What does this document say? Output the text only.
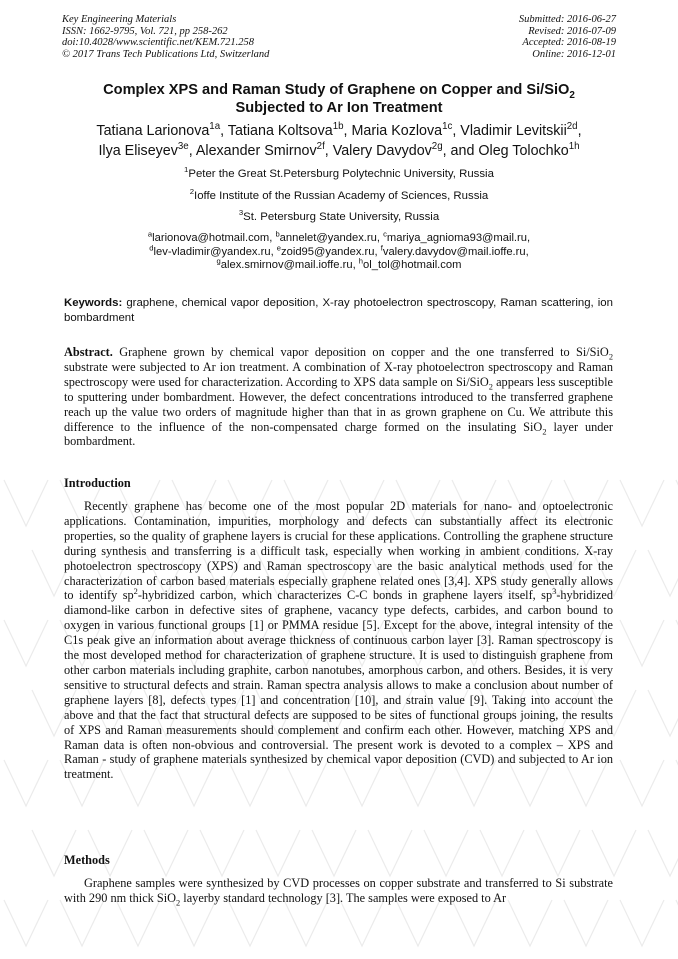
Key Engineering Materials
ISSN: 1662-9795, Vol. 721, pp 258-262
doi:10.4028/www.scientific.net/KEM.721.258
© 2017 Trans Tech Publications Ltd, Switzerland
Submitted: 2016-06-27
Revised: 2016-07-09
Accepted: 2016-08-19
Online: 2016-12-01
Complex XPS and Raman Study of Graphene on Copper and Si/SiO$_2$
Subjected to Ar Ion Treatment
Tatiana Larionova$^{1a}$, Tatiana Koltsova$^{1b}$, Maria Kozlova$^{1c}$, Vladimir Levitskii$^{2d}$,
Ilya Eliseyev$^{3e}$, Alexander Smirnov$^{2f}$, Valery Davydov$^{2g}$, and Oleg Tolochko$^{1h}$
$^1$Peter the Great St.Petersburg Polytechnic University, Russia
$^2$Ioffe Institute of the Russian Academy of Sciences, Russia
$^3$St. Petersburg State University, Russia
$^a$larionova@hotmail.com, $^b$annelet@yandex.ru, $^c$mariya_agnioma93@mail.ru,
$^d$lev-vladimir@yandex.ru, $^e$zoid95@yandex.ru, $^f$valery.davydov@mail.ioffe.ru,
$^g$alex.smirnov@mail.ioffe.ru, $^h$ol_tol@hotmail.com
Keywords: graphene, chemical vapor deposition, X-ray photoelectron spectroscopy, Raman scattering, ion bombardment
Abstract. Graphene grown by chemical vapor deposition on copper and the one transferred to Si/SiO$_2$ substrate were subjected to Ar ion treatment. A combination of X-ray photoelectron spectroscopy and Raman spectroscopy were used for characterization. According to XPS data sample on Si/SiO$_2$ appears less susceptible to sputtering under bombardment. However, the defect concentrations introduced to the transferred graphene reach up the value two orders of magnitude higher than that in as grown graphene on Cu. We attribute this difference to the influence of the non-compensated charge formed on the insulating SiO$_2$ layer under bombardment.
Introduction
Recently graphene has become one of the most popular 2D materials for nano- and optoelectronic applications. Contamination, impurities, morphology and defects can substantially affect its electronic properties, so the quality of graphene layers is crucial for these applications. Controlling the graphene structure during synthesis and transferring is a difficult task, especially when working in ambient conditions. X-ray photoelectron spectroscopy (XPS) and Raman spectroscopy are the basic analytical methods used for the characterization of carbon based materials especially graphene related ones [3,4]. XPS study generally allows to identify $sp^2$-hybridized carbon, which characterizes C-C bonds in graphene layers itself, $sp^3$-hybridized diamond-like carbon in defective sites of graphene, vacancy type defects, carbides, and carbon bound to oxygen in various functional groups [1] or PMMA residue [5]. Except for the above, integral intensity of the C1s peak give an information about average thickness of continuous carbon layer [3]. Raman spectroscopy is the most developed method for characterization of graphene structure. It is used to distinguish graphene from other carbon materials including graphite, carbon nanotubes, amorphous carbon, and others. Besides, it is very sensitive to structural defects and strain. Raman spectra analysis allows to make a conclusion about number of graphene layers [8], defects types [1] and concentration [10], and strain value [9]. Taking into account the above and that the fact that structural defects are supposed to be sites of functional groups joining, the results of XPS and Raman measurements should complement and confirm each other. However, matching XPS and Raman data is often non-obvious and controversial. The present work is devoted to a complex – XPS and Raman - study of graphene materials synthesized by chemical vapor deposition (CVD) and subjected to Ar ion treatment.
Methods
Graphene samples were synthesized by CVD processes on copper substrate and transferred to Si substrate with 290 nm thick SiO$_2$ layerby standard technology [3]. The samples were exposed to Ar
